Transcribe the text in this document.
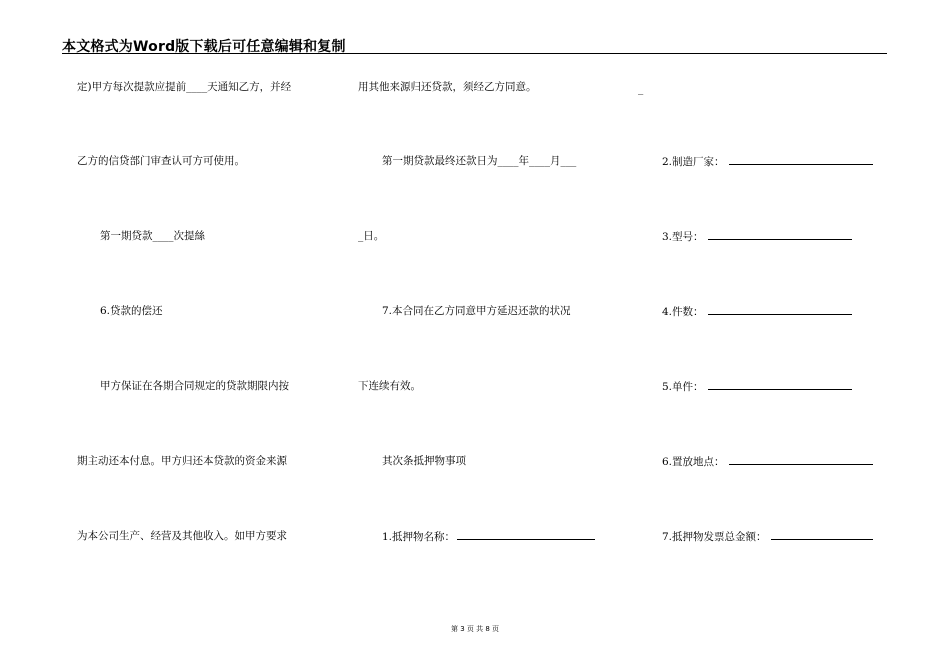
本文格式为Word版下载后可任意编辑和复制
定)甲方每次提款应提前____天通知乙方，并经
乙方的信贷部门审查认可方可使用。
第一期贷款____次提絲
6.贷款的偿还
甲方保证在各期合同规定的贷款期限内按
期主动还本付息。甲方归还本贷款的资金来源
为本公司生产、经营及其他收入。如甲方要求
用其他来源归还贷款，须经乙方同意。
第一期贷款最终还款日为____年____月___
_日。
7.本合同在乙方同意甲方延迟还款的状况
下连续有效。
其次条抵押物事项
1.抵押物名称：
_
2.制造厂家：
3.型号：
4.件数：
5.单件：
6.置放地点：
7.抵押物发票总金额：
第 3 页 共 8 页
